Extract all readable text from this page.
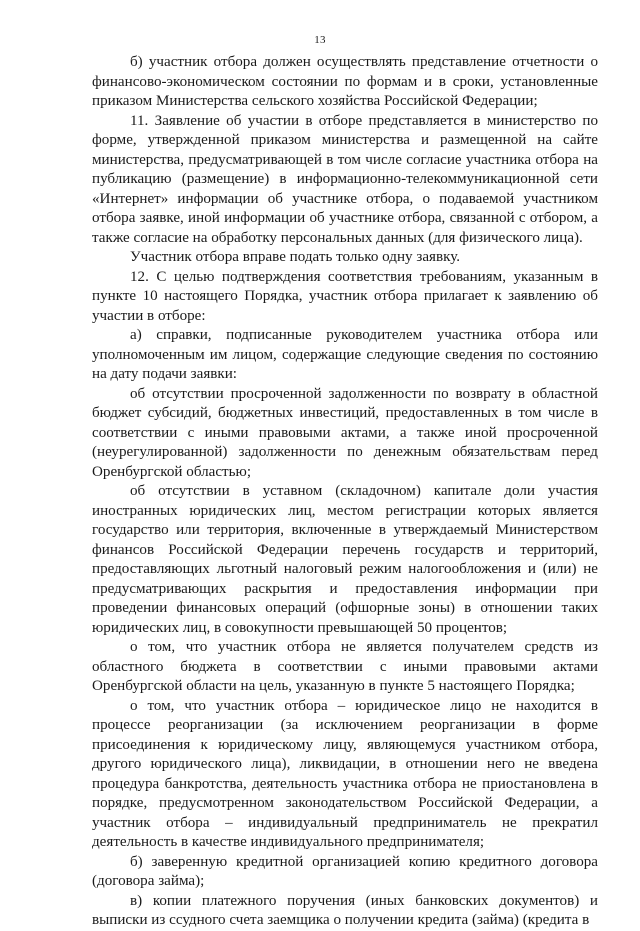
13

б) участник отбора должен осуществлять представление отчетности о финансово-экономическом состоянии по формам и в сроки, установленные приказом Министерства сельского хозяйства Российской Федерации;

11. Заявление об участии в отборе представляется в министерство по форме, утвержденной приказом министерства и размещенной на сайте министерства, предусматривающей в том числе согласие участника отбора на публикацию (размещение) в информационно-телекоммуникационной сети «Интернет» информации об участнике отбора, о подаваемой участником отбора заявке, иной информации об участнике отбора, связанной с отбором, а также согласие на обработку персональных данных (для физического лица).

Участник отбора вправе подать только одну заявку.

12. С целью подтверждения соответствия требованиям, указанным в пункте 10 настоящего Порядка, участник отбора прилагает к заявлению об участии в отборе:

а) справки, подписанные руководителем участника отбора или уполномоченным им лицом, содержащие следующие сведения по состоянию на дату подачи заявки:

об отсутствии просроченной задолженности по возврату в областной бюджет субсидий, бюджетных инвестиций, предоставленных в том числе в соответствии с иными правовыми актами, а также иной просроченной (неурегулированной) задолженности по денежным обязательствам перед Оренбургской областью;

об отсутствии в уставном (складочном) капитале доли участия иностранных юридических лиц, местом регистрации которых является государство или территория, включенные в утверждаемый Министерством финансов Российской Федерации перечень государств и территорий, предоставляющих льготный налоговый режим налогообложения и (или) не предусматривающих раскрытия и предоставления информации при проведении финансовых операций (офшорные зоны) в отношении таких юридических лиц, в совокупности превышающей 50 процентов;

о том, что участник отбора не является получателем средств из областного бюджета в соответствии с иными правовыми актами Оренбургской области на цель, указанную в пункте 5 настоящего Порядка;

о том, что участник отбора – юридическое лицо не находится в процессе реорганизации (за исключением реорганизации в форме присоединения к юридическому лицу, являющемуся участником отбора, другого юридического лица), ликвидации, в отношении него не введена процедура банкротства, деятельность участника отбора не приостановлена в порядке, предусмотренном законодательством Российской Федерации, а участник отбора – индивидуальный предприниматель не прекратил деятельность в качестве индивидуального предпринимателя;

б) заверенную кредитной организацией копию кредитного договора (договора займа);

в) копии платежного поручения (иных банковских документов) и выписки из ссудного счета заемщика о получении кредита (займа) (кредита в
